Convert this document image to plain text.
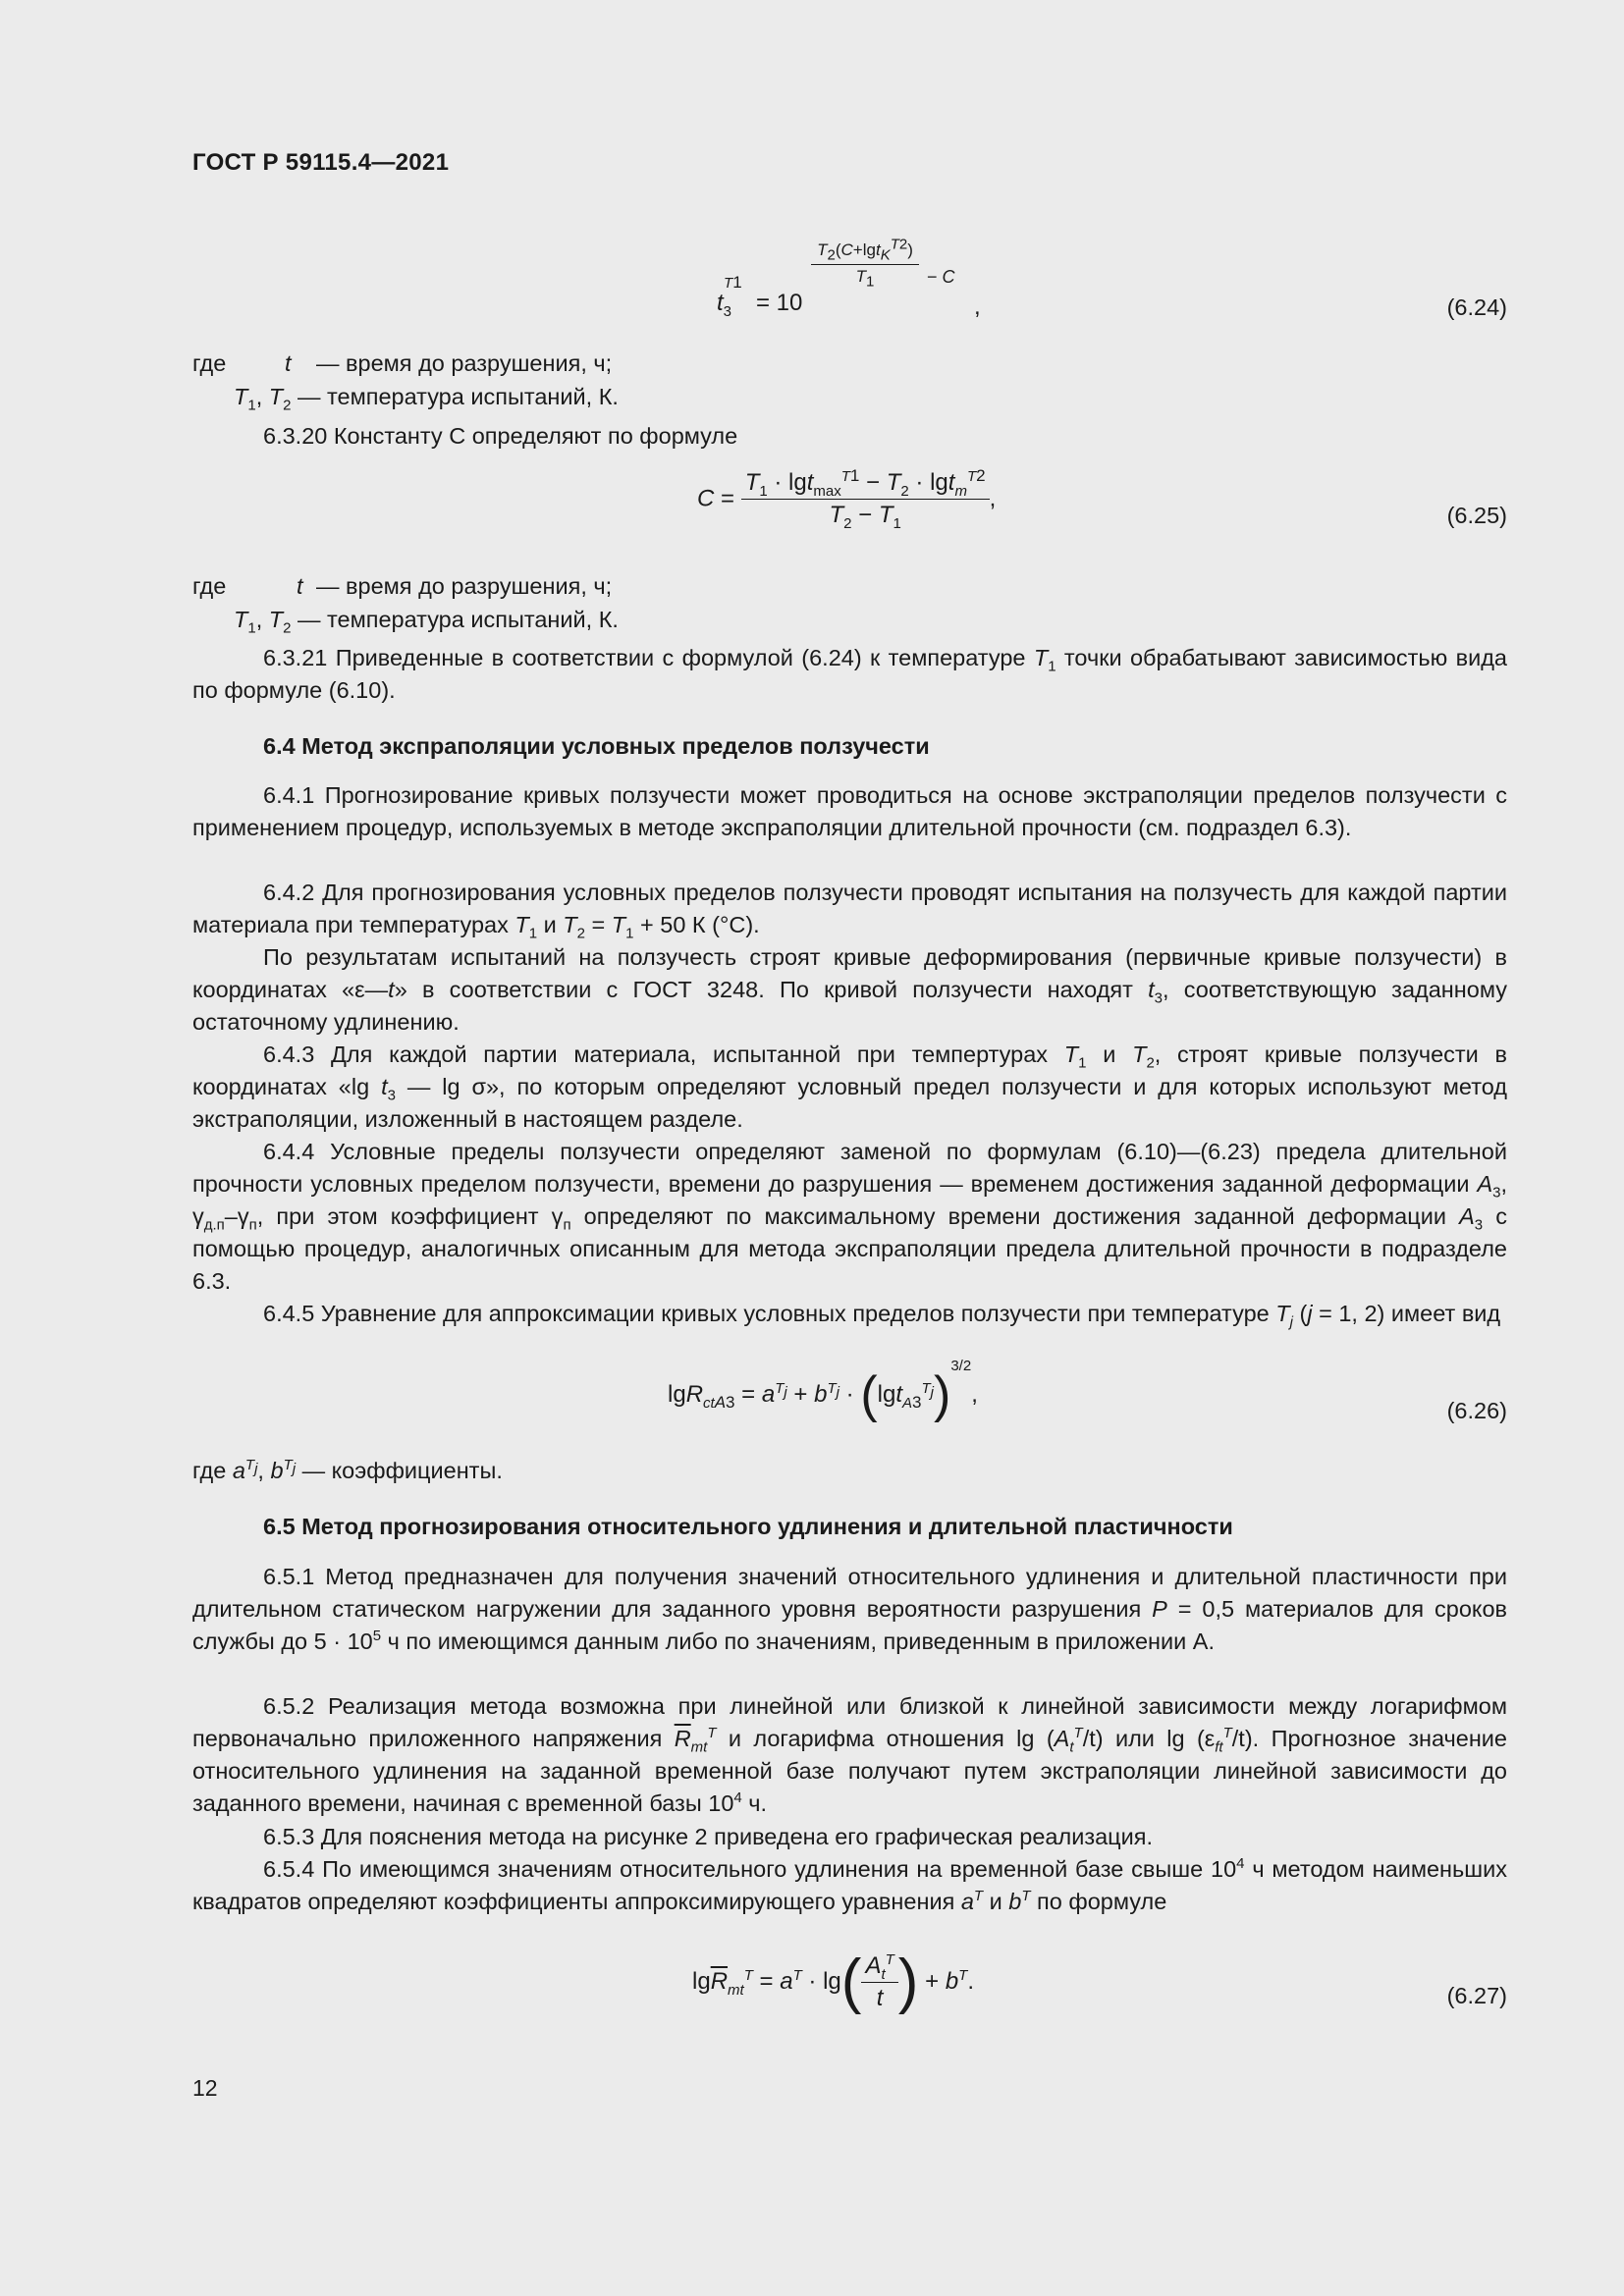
ГОСТ Р 59115.4—2021
$t_3^{T1}$
= 10
$T_2(C+\lg t_K^{T2})$
$T_1$	− C
,	(6.24)
где	t — время до разрушения, ч;
$T_1$, $T_2$ — температура испытаний, К.
6.3.20 Константу C определяют по формуле
$C = \frac{T_1 \cdot \lg t_{max}^{T1} - T_2 \cdot \lg t_m^{T2}}{T_2 - T_1}$ ,
(6.25)
где	t — время до разрушения, ч;
$T_1$, $T_2$ — температура испытаний, К.
6.3.21 Приведенные в соответствии с формулой (6.24) к температуре $T_1$ точки обрабатывают зависимостью вида по формуле (6.10).
6.4 Метод экспраполяции условных пределов ползучести
6.4.1 Прогнозирование кривых ползучести может проводиться на основе экстраполяции пределов ползучести с применением процедур, используемых в методе экспраполяции длительной прочности (см. подраздел 6.3).
6.4.2 Для прогнозирования условных пределов ползучести проводят испытания на ползучесть для каждой партии материала при температурах $T_1$ и $T_2 = T_1 + 50$ К (°C).
По результатам испытаний на ползучесть строят кривые деформирования (первичные кривые ползучести) в координатах «ε—t» в соответствии с ГОСТ 3248. По кривой ползучести находят $t_3$, соответствующую заданному остаточному удлинению.
6.4.3 Для каждой партии материала, испытанной при темпертурах $T_1$ и $T_2$, строят кривые ползучести в координатах «lg $t_3$ — lg σ», по которым определяют условный предел ползучести и для которых используют метод экстраполяции, изложенный в настоящем разделе.
6.4.4 Условные пределы ползучести определяют заменой по формулам (6.10)—(6.23) предела длительной прочности условных пределом ползучести, времени до разрушения — временем достижения заданной деформации $A_3$, $\gamma_{д.п}-\gamma_п$, при этом коэффициент $\gamma_п$ определяют по максимальному времени достижения заданной деформации $A_3$ с помощью процедур, аналогичных описанным для метода экспраполяции предела длительной прочности в подразделе 6.3.
6.4.5 Уравнение для аппроксимации кривых условных пределов ползучести при температуре $T_j$ (j = 1, 2) имеет вид
$\lg R_{ctA3} = a^{T_j} + b^{T_j} \cdot (\lg t_{A3}^{T_j})^{3/2}$,
(6.26)
где $a^{T_j}$, $b^{T_j}$ — коэффициенты.
6.5 Метод прогнозирования относительного удлинения и длительной пластичности
6.5.1 Метод предназначен для получения значений относительного удлинения и длительной пластичности при длительном статическом нагружении для заданного уровня вероятности разрушения P = 0,5 материалов для сроков службы до $5 \cdot 10^5$ ч по имеющимся данным либо по значениям, приведенным в приложении А.
6.5.2 Реализация метода возможна при линейной или близкой к линейной зависимости между логарифмом первоначально приложенного напряжения $\overline{R}_{mt}^T$ и логарифма отношения $\lg (A_t^T/t)$ или $\lg (\varepsilon_{ft}^T/t)$. Прогнозное значение относительного удлинения на заданной временной базе получают путем экстраполяции линейной зависимости до заданного времени, начиная с временной базы $10^4$ ч.
6.5.3 Для пояснения метода на рисунке 2 приведена его графическая реализация.
6.5.4 По имеющимся значениям относительного удлинения на временной базе свыше $10^4$ ч методом наименьших квадратов определяют коэффициенты аппроксимирующего уравнения $a^T$ и $b^T$ по формуле
$\lg\overline{R}_{mt}^T = a^T \cdot \lg( \frac{A_t^T}{t}$ ) + $b^T$.
(6.27)
12
